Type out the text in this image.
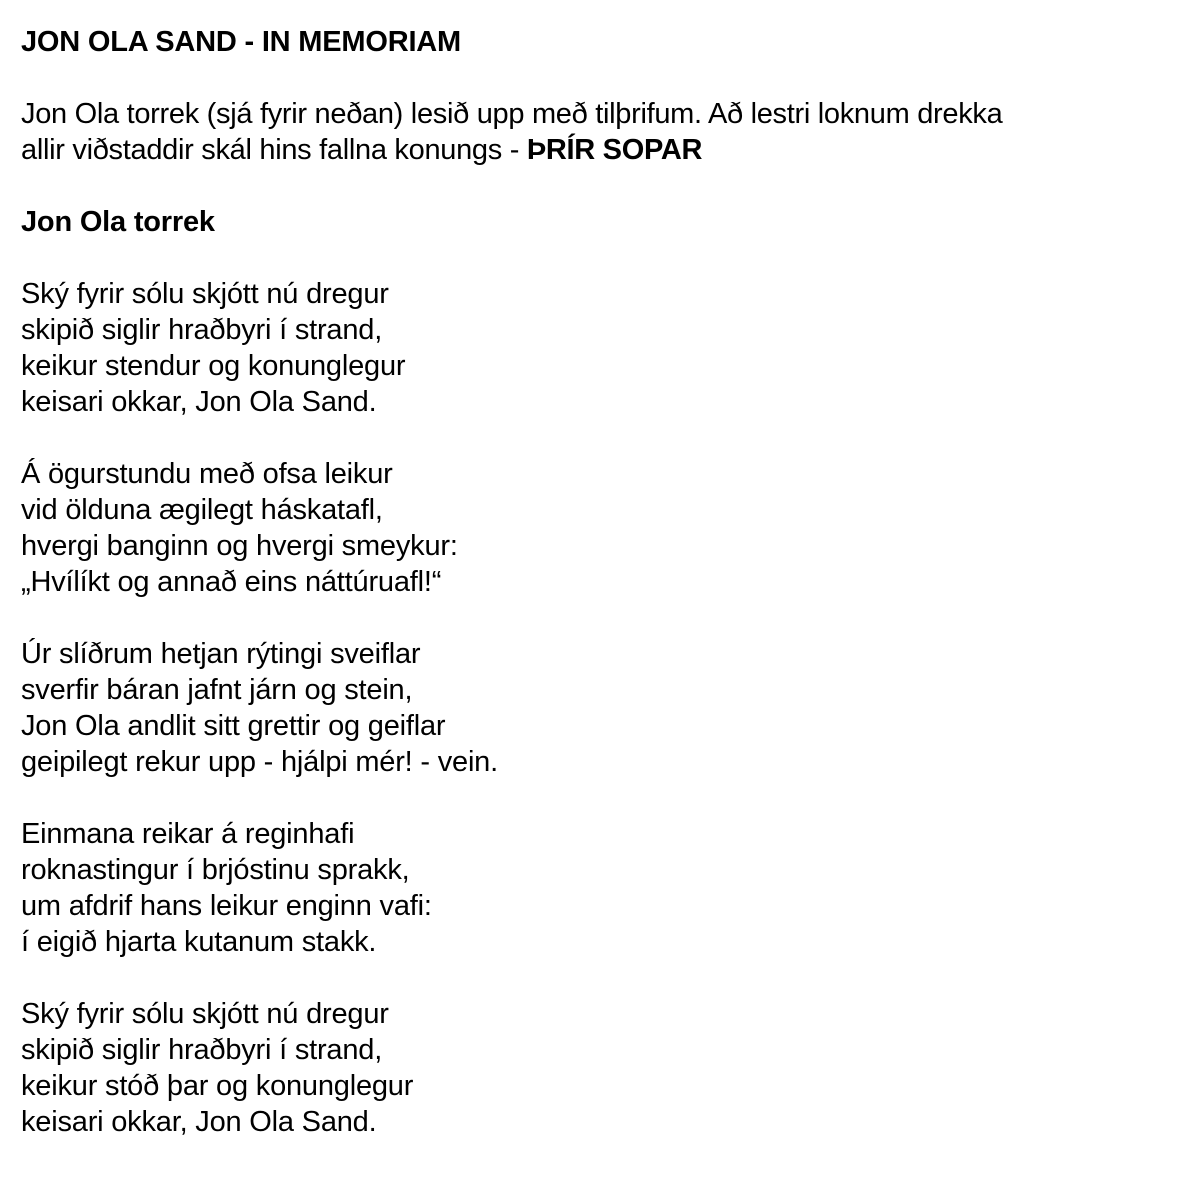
JON OLA SAND - IN MEMORIAM

Jon Ola torrek (sjá fyrir neðan) lesið upp með tilþrifum. Að lestri loknum drekka
allir viðstaddir skál hins fallna konungs - ÞRÍR SOPAR

Jon Ola torrek
Ský fyrir sólu skjótt nú dregur
skipið siglir hraðbyri í strand,
keikur stendur og konunglegur
keisari okkar, Jon Ola Sand.
Á ögurstundu með ofsa leikur
vid ölduna ægilegt háskatafl,
hvergi banginn og hvergi smeykur:
„Hvílíkt og annað eins náttúruafl!“
Úr slíðrum hetjan rýtingi sveiflar
sverfir báran jafnt járn og stein,
Jon Ola andlit sitt grettir og geiflar
geipilegt rekur upp - hjálpi mér! - vein.
Einmana reikar á reginhafi
roknastingur í brjóstinu sprakk,
um afdrif hans leikur enginn vafi:
í eigið hjarta kutanum stakk.
Ský fyrir sólu skjótt nú dregur
skipið siglir hraðbyri í strand,
keikur stóð þar og konunglegur
keisari okkar, Jon Ola Sand.
